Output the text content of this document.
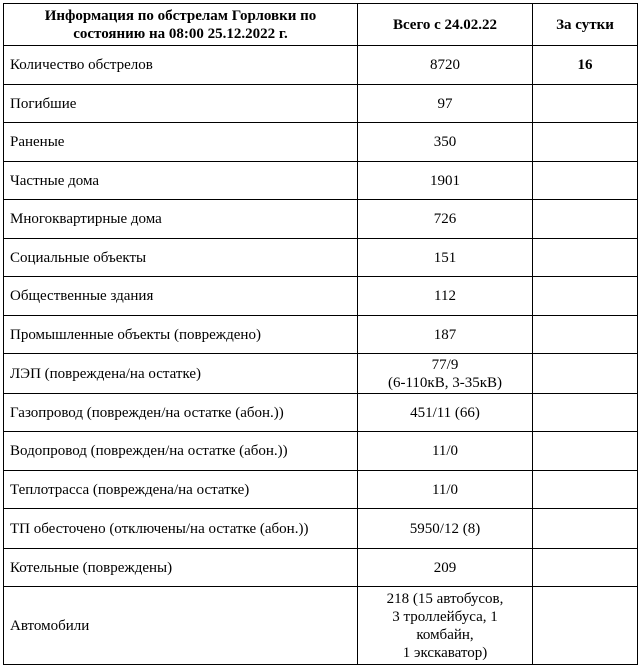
Информация по обстрелам Горловки по состоянию на 08:00 25.12.2022 г.	Всего с 24.02.22	За сутки
Количество обстрелов	8720	16
Погибшие	97	

Раненые	350	

Частные дома	1901	

Многоквартирные дома	726	

Социальные объекты	151	

Общественные здания	112	

Промышленные объекты (повреждено)	187	

ЛЭП (повреждена/на остатке)	77/9
(6-110кВ, 3-35кВ)	

Газопровод (поврежден/на остатке (абон.))	451/11 (66)	

Водопровод (поврежден/на остатке (абон.))	11/0	

Теплотрасса (повреждена/на остатке)	11/0	

ТП обесточено (отключены/на остатке (абон.))	5950/12 (8)	

Котельные (повреждены)	209	

Автомобили	218 (15 автобусов,
3 троллейбуса, 1
комбайн,
1 экскаватор)	
